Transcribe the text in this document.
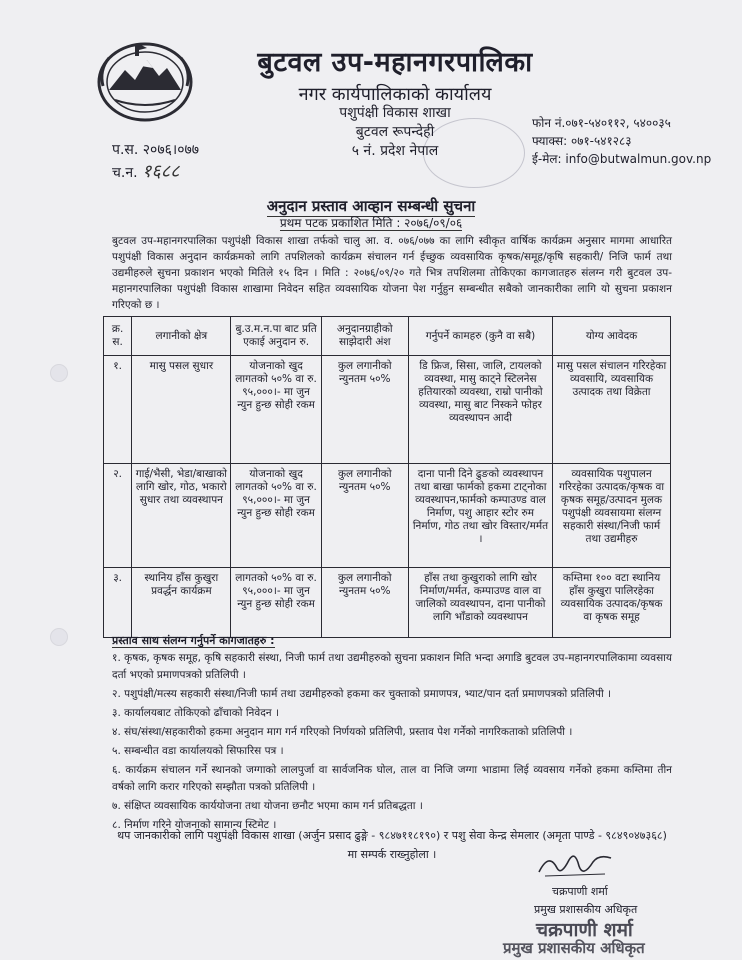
बुटवल उप-महानगरपालिका
नगर कार्यपालिकाको कार्यालय
पशुपंक्षी विकास शाखा
बुटवल रूपन्देही
५ नं. प्रदेश नेपाल
प.स. २०७६।०७७
च.न. १६८८
फोन नं.०७१-५४०११२, ५४००३५
फ्याक्स: ०७१-५४१२८३
ई-मेल: info@butwalmun.gov.np
अनुदान प्रस्ताव आव्हान सम्बन्धी सुचना
प्रथम पटक प्रकाशित मिति : २०७६/०९/०६
बुटवल उप-महानगरपालिका पशुपंक्षी विकास शाखा तर्फको चालु आ. व. ०७६/०७७ का लागि स्वीकृत वार्षिक कार्यक्रम अनुसार मागमा आधारित पशुपंक्षी विकास अनुदान कार्यक्रमको लागि तपशिलको कार्यक्रम संचालन गर्न ईच्छुक व्यवसायिक कृषक/समूह/कृषि सहकारी/ निजि फार्म तथा उद्यमीहरुले सुचना प्रकाशन भएको मितिले १५ दिन । मिति : २०७६/०९/२० गते भित्र तपशिलमा तोकिएका कागजातहरु संलग्न गरी बुटवल उप-महानगरपालिका पशुपंक्षी विकास शाखामा निवेदन सहित व्यवसायिक योजना पेश गर्नुहुन सम्बन्धीत सबैको जानकारीका लागि यो सुचना प्रकाशन गरिएको छ ।
क्र. स.	लगानीको क्षेत्र	बु.उ.म.न.पा बाट प्रति एकाई अनुदान रु.	अनुदानग्राहीको साझेदारी अंश	गर्नुपर्ने कामहरु (कुनै वा सबै)	योग्य आवेदक
१.	मासु पसल सुधार	योजनाको खुद लागतको ५०% वा रु. ९५,०००।- मा जुन न्युन हुन्छ सोही रकम	कुल लगानीको न्युनतम ५०%	डि फ्रिज, सिसा, जालि, टायलको व्यवस्था, मासु काट्ने स्टिलनेस हतियारको व्यवस्था, राम्रो पानीको व्यवस्था, मासु बाट निस्कने फोहर व्यवस्थापन आदी	मासु पसल संचालन गरिरहेका व्यवसायि, व्यवसायिक उत्पादक तथा विक्रेता
२.	गाई/भैसी, भेडा/बाखाको लागि खोर, गोठ, भकारो सुधार तथा व्यवस्थापन	योजनाको खुद लागतको ५०% वा रु. ९५,०००।- मा जुन न्युन हुन्छ सोही रकम	कुल लगानीको न्युनतम ५०%	दाना पानी दिने ढुङको व्यवस्थापन तथा बाखा फार्मको हकमा टाट्नोका व्यवस्थापन,फार्मको कम्पाउण्ड वाल निर्माण, पशु आहार स्टोर रुम निर्माण, गोठ तथा खोर विस्तार/मर्मत ।	व्यवसायिक पशुपालन गरिरहेका उत्पादक/कृषक वा कृषक समूह/उत्पादन मुलक पशुपंक्षी व्यवसायमा संलग्न सहकारी संस्था/निजी फार्म तथा उद्यमीहरु
३.	स्थानिय हाँस कुखुरा प्रवर्द्धन कार्यक्रम	लागतको ५०% वा रु. ९५,०००।- मा जुन न्युन हुन्छ सोही रकम	कुल लगानीको न्युनतम ५०%	हाँस तथा कुखुराको लागि खोर निर्माण/मर्मत, कम्पाउण्ड वाल वा जालिको व्यवस्थापन, दाना पानीको लागि भाँडाको व्यवस्थापन	कम्तिमा १०० वटा स्थानिय हाँस कुखुरा पालिरहेका व्यवसायिक उत्पादक/कृषक वा कृषक समूह
प्रस्ताव साथ संलग्न गर्नुपर्ने कागजातहरु :
१. कृषक, कृषक समूह, कृषि सहकारी संस्था, निजी फार्म तथा उद्यमीहरुको सुचना प्रकाशन मिति भन्दा अगाडि बुटवल उप-महानगरपालिकामा व्यवसाय दर्ता भएको प्रमाणपत्रको प्रतिलिपी ।
२. पशुपंक्षी/मत्स्य सहकारी संस्था/निजी फार्म तथा उद्यमीहरुको हकमा कर चुक्ताको प्रमाणपत्र, भ्याट/पान दर्ता प्रमाणपत्रको प्रतिलिपी ।
३. कार्यालयबाट तोकिएको ढाँचाको निवेदन ।
४. संघ/संस्था/सहकारीको हकमा अनुदान माग गर्न गरिएको निर्णयको प्रतिलिपी, प्रस्ताव पेश गर्नेको नागरिकताको प्रतिलिपी ।
५. सम्बन्धीत वडा कार्यालयको सिफारिस पत्र ।
६. कार्यक्रम संचालन गर्ने स्थानको जग्गाको लालपुर्जा वा सार्वजनिक घोल, ताल वा निजि जग्गा भाडामा लिई व्यवसाय गर्नेको हकमा कम्तिमा तीन वर्षको लागि करार गरिएको सम्झौता पत्रको प्रतिलिपी ।
७. संक्षिप्त व्यवसायिक कार्ययोजना तथा योजना छनौट भएमा काम गर्न प्रतिबद्धता ।
८. निर्माण गरिने योजनाको सामान्य स्टिमेट ।
थप जानकारीको लागि पशुपंक्षी विकास शाखा (अर्जुन प्रसाद ढुङ्गे - ९८४७११८१९०) र पशु सेवा केन्द्र सेमलार (अमृता पाण्डे - ९८४९०४७३६८) मा सम्पर्क राख्नुहोला ।
चक्रपाणी शर्मा
प्रमुख प्रशासकीय अधिकृत
चक्रपाणी शर्मा
प्रमुख प्रशासकीय अधिकृत
